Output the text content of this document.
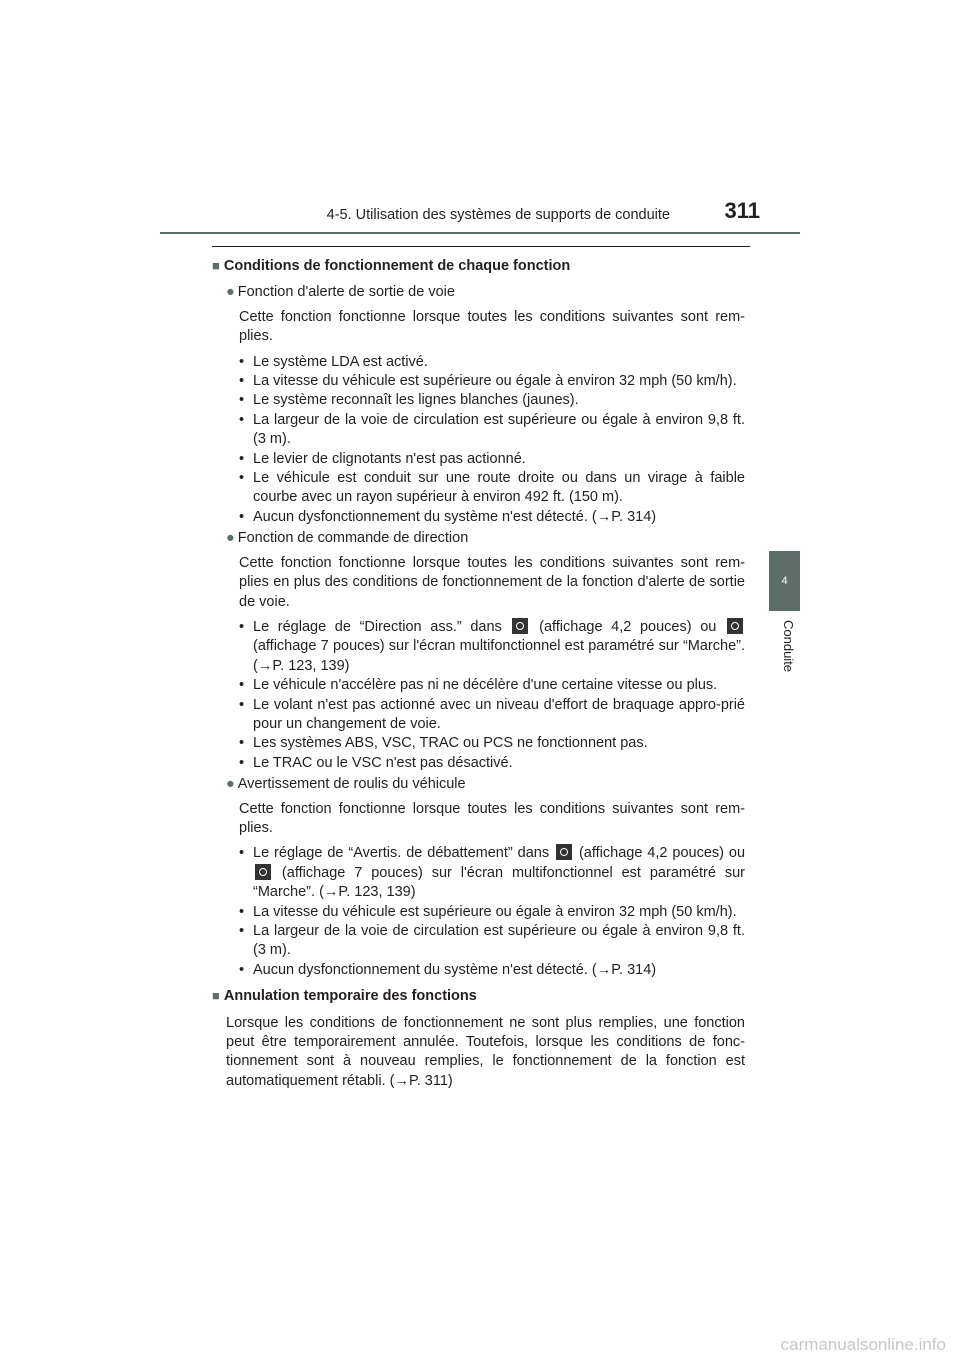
4-5. Utilisation des systèmes de supports de conduite	311
4
Conduite
■ Conditions de fonctionnement de chaque fonction
● Fonction d'alerte de sortie de voie
Cette fonction fonctionne lorsque toutes les conditions suivantes sont rem-plies.
• Le système LDA est activé.
• La vitesse du véhicule est supérieure ou égale à environ 32 mph (50 km/h).
• Le système reconnaît les lignes blanches (jaunes).
• La largeur de la voie de circulation est supérieure ou égale à environ 9,8 ft. (3 m).
• Le levier de clignotants n'est pas actionné.
• Le véhicule est conduit sur une route droite ou dans un virage à faible courbe avec un rayon supérieur à environ 492 ft. (150 m).
• Aucun dysfonctionnement du système n'est détecté. (→P. 314)
● Fonction de commande de direction
Cette fonction fonctionne lorsque toutes les conditions suivantes sont rem-plies en plus des conditions de fonctionnement de la fonction d'alerte de sortie de voie.
• Le réglage de “Direction ass.” dans	(affichage 4,2 pouces) ou  (affichage 7 pouces) sur l'écran multifonctionnel est paramétré sur “Marche”. (→P. 123, 139)
• Le véhicule n'accélère pas ni ne décélère d'une certaine vitesse ou plus.
• Le volant n'est pas actionné avec un niveau d'effort de braquage appro-prié pour un changement de voie.
• Les systèmes ABS, VSC, TRAC ou PCS ne fonctionnent pas.
• Le TRAC ou le VSC n'est pas désactivé.
● Avertissement de roulis du véhicule
Cette fonction fonctionne lorsque toutes les conditions suivantes sont rem-plies.
• Le réglage de “Avertis. de débattement” dans (affichage 4,2 pouces) ou  (affichage 7 pouces) sur l'écran multifonctionnel est paramétré sur “Marche”. (→P. 123, 139)
• La vitesse du véhicule est supérieure ou égale à environ 32 mph (50 km/h).
• La largeur de la voie de circulation est supérieure ou égale à environ 9,8 ft. (3 m).
• Aucun dysfonctionnement du système n'est détecté. (→P. 314)
■ Annulation temporaire des fonctions
Lorsque les conditions de fonctionnement ne sont plus remplies, une fonction peut être temporairement annulée. Toutefois, lorsque les conditions de fonc-tionnement sont à nouveau remplies, le fonctionnement de la fonction est automatiquement rétabli. (→P. 311)
carmanualsonline.info
